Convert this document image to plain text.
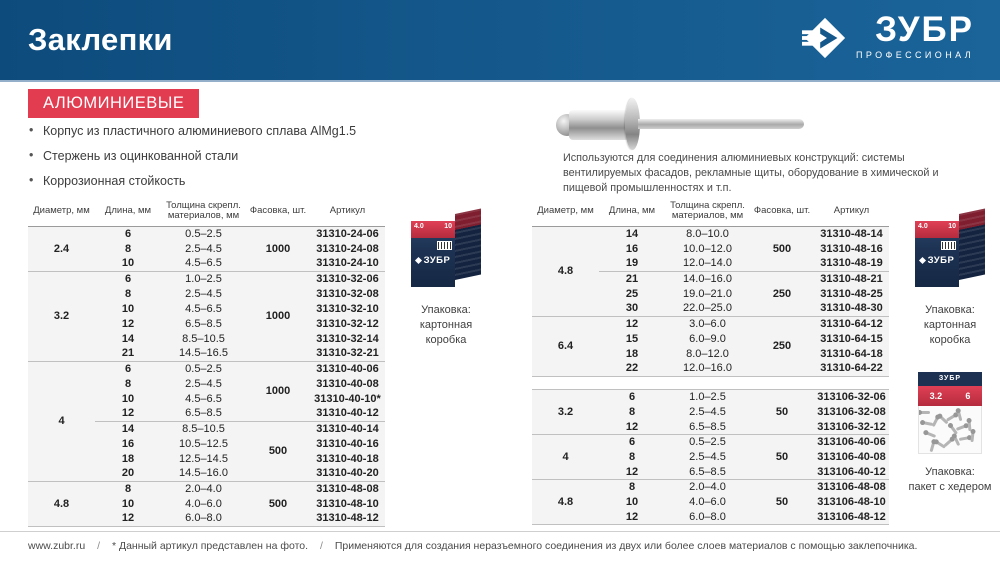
Заклепки	ЗУБР
ПРОФЕССИОНАЛ
АЛЮМИНИЕВЫЕ
• Корпус из пластичного алюминиевого сплава AlMg1.5
• Стержень из оцинкованной стали
• Коррозионная стойкость

Используются для соединения алюминиевых конструкций: системы вентилируемых фасадов, рекламные щиты, оборудование в химической и пищевой промышленностях и т.п.

Диаметр, мм	Длина, мм	Толщина скрепл. материалов, мм	Фасовка, шт.	Артикул
2.4	6	0.5–2.5	1000	31310-24-06
	8	2.5–4.5		31310-24-08
	10	4.5–6.5		31310-24-10
3.2	6	1.0–2.5	1000	31310-32-06
	8	2.5–4.5		31310-32-08
	10	4.5–6.5		31310-32-10
	12	6.5–8.5		31310-32-12
	14	8.5–10.5		31310-32-14
	21	14.5–16.5		31310-32-21
4	6	0.5–2.5	1000	31310-40-06
	8	2.5–4.5		31310-40-08
	10	4.5–6.5		31310-40-10*
	12	6.5–8.5		31310-40-12
	14	8.5–10.5	500	31310-40-14
	16	10.5–12.5		31310-40-16
	18	12.5–14.5		31310-40-18
	20	14.5–16.0		31310-40-20
4.8	8	2.0–4.0	500	31310-48-08
	10	4.0–6.0		31310-48-10
	12	6.0–8.0		31310-48-12
Диаметр, мм	Длина, мм	Толщина скрепл. материалов, мм	Фасовка, шт.	Артикул
4.8	14	8.0–10.0	500	31310-48-14
	16	10.0–12.0		31310-48-16
	19	12.0–14.0		31310-48-19
	21	14.0–16.0	250	31310-48-21
	25	19.0–21.0		31310-48-25
	30	22.0–25.0		31310-48-30
6.4	12	3.0–6.0	250	31310-64-12
	15	6.0–9.0		31310-64-15
	18	8.0–12.0		31310-64-18
	22	12.0–16.0		31310-64-22
3.2	6	1.0–2.5	50	313106-32-06
	8	2.5–4.5		313106-32-08
	12	6.5–8.5		313106-32-12
4	6	0.5–2.5	50	313106-40-06
	8	2.5–4.5		313106-40-08
	12	6.5–8.5		313106-40-12
4.8	8	2.0–4.0	50	313106-48-08
	10	4.0–6.0		313106-48-10
	12	6.0–8.0		313106-48-12
4.0	10
ЗУБР
Упаковка:
картонная коробка
4.0	10
ЗУБР
Упаковка:
картонная коробка
ЗУБР
3.2	6
Упаковка:
пакет с хедером
www.zubr.ru / * Данный артикул представлен на фото. / Применяются для создания неразъемного соединения из двух или более слоев материалов с помощью заклепочника.
